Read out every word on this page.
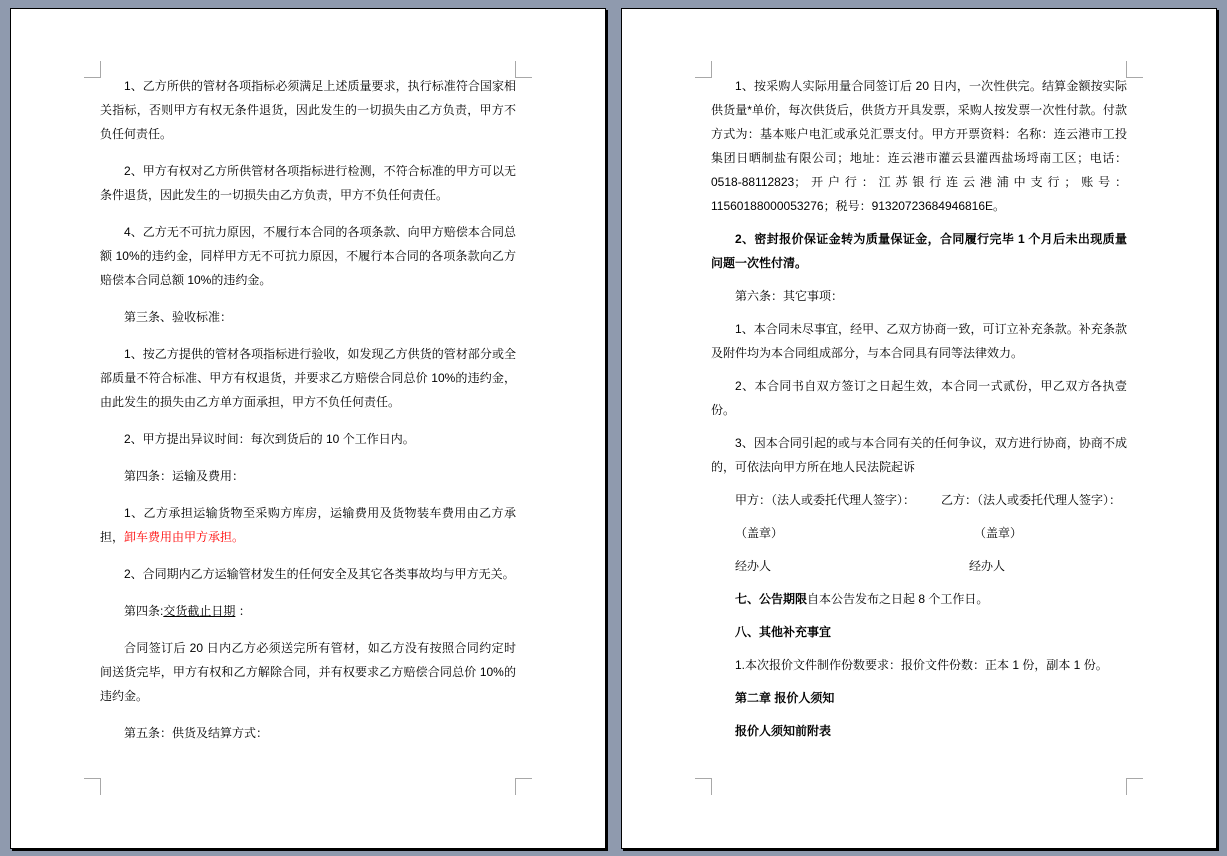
1、乙方所供的管材各项指标必须满足上述质量要求，执行标准符合国家相关指标，否则甲方有权无条件退货，因此发生的一切损失由乙方负责，甲方不负任何责任。

2、甲方有权对乙方所供管材各项指标进行检测，不符合标准的甲方可以无条件退货，因此发生的一切损失由乙方负责，甲方不负任何责任。

4、乙方无不可抗力原因，不履行本合同的各项条款、向甲方赔偿本合同总额 10%的违约金，同样甲方无不可抗力原因，不履行本合同的各项条款向乙方赔偿本合同总额 10%的违约金。

第三条、验收标准：

1、按乙方提供的管材各项指标进行验收，如发现乙方供货的管材部分或全部质量不符合标准、甲方有权退货，并要求乙方赔偿合同总价 10%的违约金，由此发生的损失由乙方单方面承担，甲方不负任何责任。

2、甲方提出异议时间：每次到货后的 10 个工作日内。

第四条：运输及费用：

1、乙方承担运输货物至采购方库房，运输费用及货物装车费用由乙方承担，卸车费用由甲方承担。

2、合同期内乙方运输管材发生的任何安全及其它各类事故均与甲方无关。

第四条:交货截止日期 ：

合同签订后 20 日内乙方必须送完所有管材，如乙方没有按照合同约定时间送货完毕，甲方有权和乙方解除合同，并有权要求乙方赔偿合同总价 10%的违约金。

第五条：供货及结算方式：

1、按采购人实际用量合同签订后 20 日内，一次性供完。结算金额按实际供货量*单价，每次供货后，供货方开具发票，采购人按发票一次性付款。付款方式为：基本账户电汇或承兑汇票支付。甲方开票资料：名称：连云港市工投集团日晒制盐有限公司；地址：连云港市灌云县灌西盐场埒南工区；电话：0518-88112823；开户行：江苏银行连云港浦中支行；账号：11560188000053276；税号：91320723684946816E。

2、密封报价保证金转为质量保证金，合同履行完毕 1 个月后未出现质量问题一次性付清。

第六条：其它事项：

1、本合同未尽事宜，经甲、乙双方协商一致，可订立补充条款。补充条款及附件均为本合同组成部分，与本合同具有同等法律效力。

2、本合同书自双方签订之日起生效，本合同一式贰份，甲乙双方各执壹份。

3、因本合同引起的或与本合同有关的任何争议，双方进行协商，协商不成的，可依法向甲方所在地人民法院起诉

甲方：（法人或委托代理人签字）： 乙方：（法人或委托代理人签字）：

（盖章）	（盖章）

经办人	经办人

七、公告期限自本公告发布之日起 8 个工作日。

八、其他补充事宜

1.本次报价文件制作份数要求：报价文件份数：正本 1 份，副本 1 份。

第二章 报价人须知

报价人须知前附表
